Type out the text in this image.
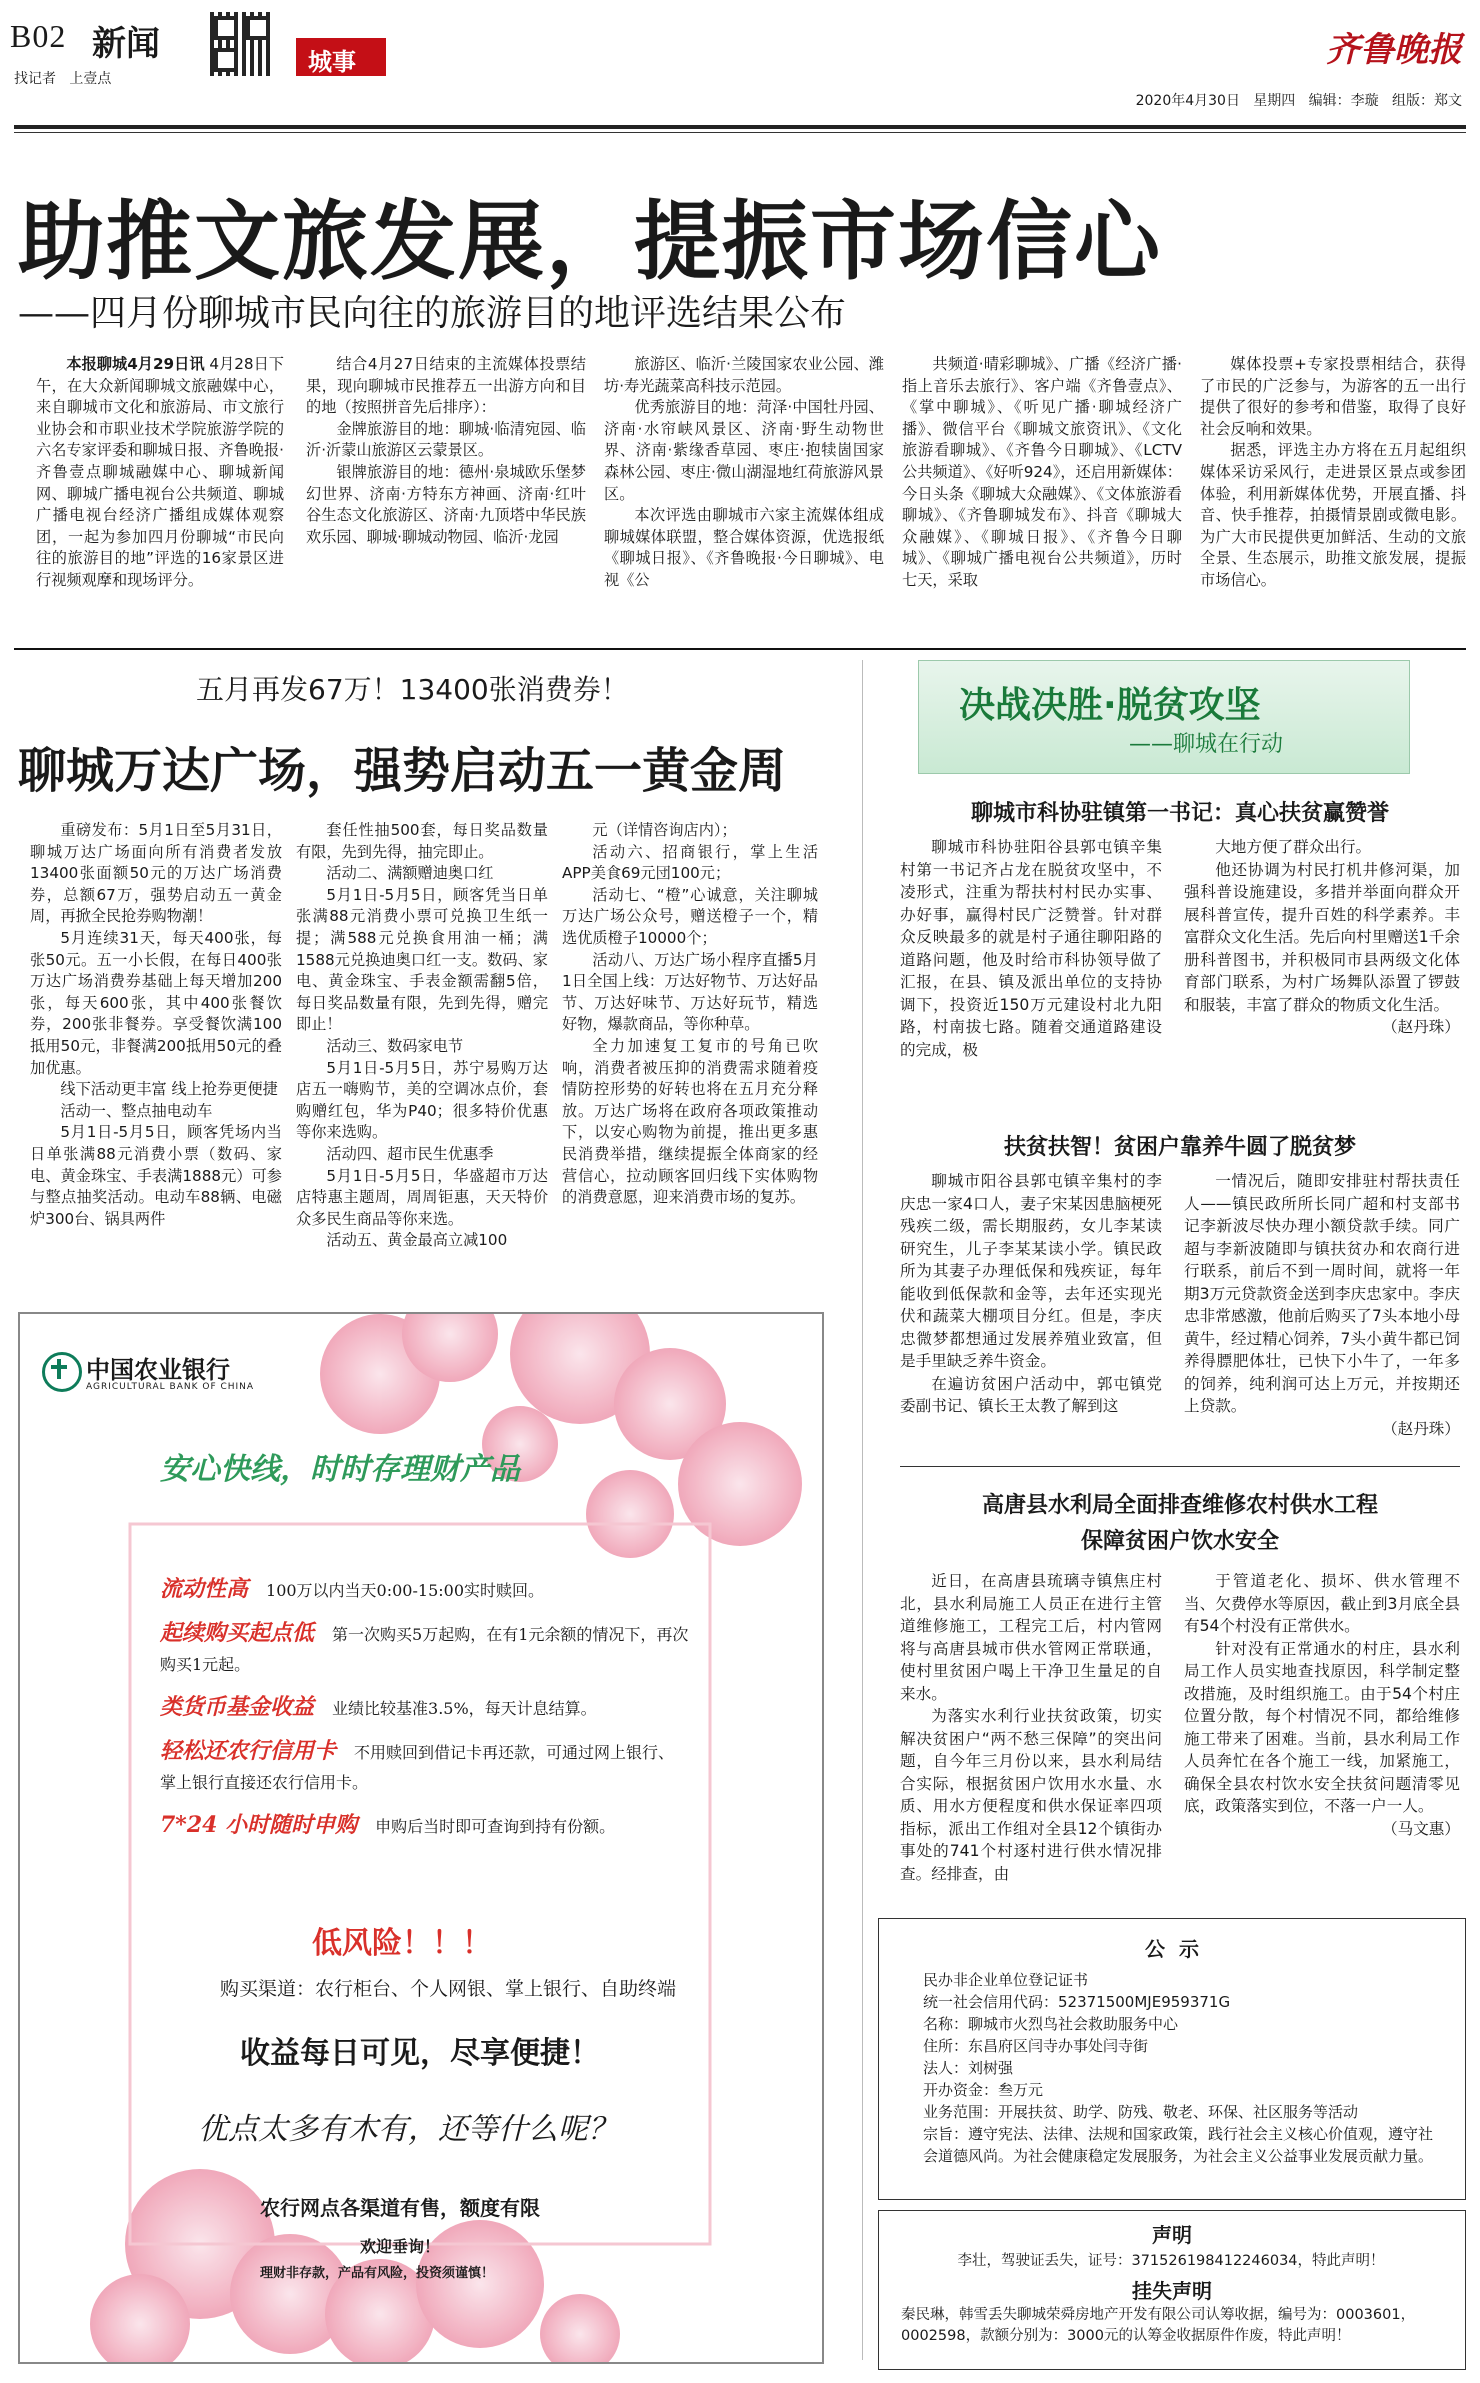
B02 新闻
找记者   上壹点
城事	齐鲁晚报
2020年4月30日   星期四   编辑：李璇   组版：郑文
助推文旅发展，提振市场信心
——四月份聊城市民向往的旅游目的地评选结果公布

本报聊城4月29日讯 4月28日下午，在大众新闻聊城文旅融媒中心，来自聊城市文化和旅游局、市文旅行业协会和市职业技术学院旅游学院的六名专家评委和聊城日报、齐鲁晚报·齐鲁壹点聊城融媒中心、聊城新闻网、聊城广播电视台公共频道、聊城广播电视台经济广播组成媒体观察团，一起为参加四月份聊城“市民向往的旅游目的地”评选的16家景区进行视频观摩和现场评分。

结合4月27日结束的主流媒体投票结果，现向聊城市民推荐五一出游方向和目的地（按照拼音先后排序）：

金牌旅游目的地：聊城·临清宛园、临沂·沂蒙山旅游区云蒙景区。

银牌旅游目的地：德州·泉城欧乐堡梦幻世界、济南·方特东方神画、济南·红叶谷生态文化旅游区、济南·九顶塔中华民族欢乐园、聊城·聊城动物园、临沂·龙园

旅游区、临沂·兰陵国家农业公园、潍坊·寿光蔬菜高科技示范园。

优秀旅游目的地：菏泽·中国牡丹园、济南·水帘峡风景区、济南·野生动物世界、济南·紫缘香草园、枣庄·抱犊崮国家森林公园、枣庄·微山湖湿地红荷旅游风景区。

本次评选由聊城市六家主流媒体组成聊城媒体联盟，整合媒体资源，优选报纸《聊城日报》、《齐鲁晚报·今日聊城》、电视《公

共频道·晴彩聊城》、广播《经济广播·指上音乐去旅行》、客户端《齐鲁壹点》、《掌中聊城》、《听见广播·聊城经济广播》、微信平台《聊城文旅资讯》、《文化旅游看聊城》、《齐鲁今日聊城》、《LCTV公共频道》、《好听924》，还启用新媒体：今日头条《聊城大众融媒》、《文体旅游看聊城》、《齐鲁聊城发布》、抖音《聊城大众融媒》、《聊城日报》、《齐鲁今日聊城》、《聊城广播电视台公共频道》，历时七天，采取

媒体投票+专家投票相结合，获得了市民的广泛参与，为游客的五一出行提供了很好的参考和借鉴，取得了良好社会反响和效果。

据悉，评选主办方将在五月起组织媒体采访采风行，走进景区景点或参团体验，利用新媒体优势，开展直播、抖音、快手推荐，拍摄情景剧或微电影。为广大市民提供更加鲜活、生动的文旅全景、生态展示，助推文旅发展，提振市场信心。

五月再发67万！13400张消费券！
聊城万达广场，强势启动五一黄金周

重磅发布：5月1日至5月31日，聊城万达广场面向所有消费者发放13400张面额50元的万达广场消费券，总额67万，强势启动五一黄金周，再掀全民抢券购物潮！

5月连续31天，每天400张，每张50元。五一小长假，在每日400张万达广场消费券基础上每天增加200张，每天600张，其中400张餐饮券，200张非餐券。享受餐饮满100抵用50元，非餐满200抵用50元的叠加优惠。

线下活动更丰富 线上抢券更便捷

活动一、整点抽电动车

5月1日-5月5日，顾客凭场内当日单张满88元消费小票（数码、家电、黄金珠宝、手表满1888元）可参与整点抽奖活动。电动车88辆、电磁炉300台、锅具两件

套任性抽500套，每日奖品数量有限，先到先得，抽完即止。

活动二、满额赠迪奥口红

5月1日-5月5日，顾客凭当日单张满88元消费小票可兑换卫生纸一提；满588元兑换食用油一桶；满1588元兑换迪奥口红一支。数码、家电、黄金珠宝、手表金额需翻5倍，每日奖品数量有限，先到先得，赠完即止！

活动三、数码家电节

5月1日-5月5日，苏宁易购万达店五一嗨购节，美的空调冰点价，套购赠红包，华为P40；很多特价优惠等你来选购。

活动四、超市民生优惠季

5月1日-5月5日，华盛超市万达店特惠主题周，周周钜惠，天天特价众多民生商品等你来选。

活动五、黄金最高立减100

元（详情咨询店内）；

活动六、招商银行，掌上生活APP美食69元団100元；

活动七、“橙”心诚意，关注聊城万达广场公众号，赠送橙子一个，精选优质橙子10000个；

活动八、万达广场小程序直播5月1日全国上线：万达好物节、万达好品节、万达好味节、万达好玩节，精选好物，爆款商品，等你种草。

全力加速复工复市的号角已吹响，消费者被压抑的消费需求随着疫情防控形势的好转也将在五月充分释放。万达广场将在政府各项政策推动下，以安心购物为前提，推出更多惠民消费举措，继续提振全体商家的经营信心，拉动顾客回归线下实体购物的消费意愿，迎来消费市场的复苏。

中国农业银行
AGRICULTURAL BANK OF CHINA
安心快线，时时存理财产品
流动性高 100万以内当天0:00-15:00实时赎回。
起续购买起点低 第一次购买5万起购，在有1元余额的情况下，再次购买1元起。
类货币基金收益 业绩比较基准3.5%，每天计息结算。
轻松还农行信用卡 不用赎回到借记卡再还款，可通过网上银行、掌上银行直接还农行信用卡。
7*24 小时随时申购 申购后当时即可查询到持有份额。
低风险！！！
购买渠道：农行柜台、个人网银、掌上银行、自助终端
收益每日可见，尽享便捷！
优点太多有木有，还等什么呢？
农行网点各渠道有售，额度有限
欢迎垂询！
理财非存款，产品有风险，投资须谨慎！
决战决胜·脱贫攻坚
——聊城在行动
聊城市科协驻镇第一书记：真心扶贫赢赞誉

聊城市科协驻阳谷县郭屯镇辛集村第一书记齐占龙在脱贫攻坚中，不凌形式，注重为帮扶村村民办实事、办好事，赢得村民广泛赞誉。针对群众反映最多的就是村子通往聊阳路的道路问题，他及时给市科协领导做了汇报，在县、镇及派出单位的支持协调下，投资近150万元建设村北九阳路，村南拔七路。随着交通道路建设的完成，极

大地方便了群众出行。

他还协调为村民打机井修河渠，加强科普设施建设，多措并举面向群众开展科普宣传，提升百姓的科学素养。丰富群众文化生活。先后向村里赠送1千余册科普图书，并积极同市县两级文化体育部门联系，为村广场舞队添置了锣鼓和服装，丰富了群众的物质文化生活。

（赵丹珠）

扶贫扶智！贫困户靠养牛圆了脱贫梦

聊城市阳谷县郭屯镇辛集村的李庆忠一家4口人，妻子宋某因患脑梗死残疾二级，需长期服药，女儿李某读研究生，儿子李某某读小学。镇民政所为其妻子办理低保和残疾证，每年能收到低保款和金等，去年还实现光伏和蔬菜大棚项目分红。但是，李庆忠微梦都想通过发展养殖业致富，但是手里缺乏养牛资金。

在遍访贫困户活动中，郭屯镇党委副书记、镇长王太教了解到这

一情况后，随即安排驻村帮扶责任人——镇民政所所长同广超和村支部书记李新波尽快办理小额贷款手续。同广超与李新波随即与镇扶贫办和农商行进行联系，前后不到一周时间，就将一年期3万元贷款资金送到李庆忠家中。李庆忠非常感激，他前后购买了7头本地小母黄牛，经过精心饲养，7头小黄牛都已饲养得膘肥体壮，已快下小牛了，一年多的饲养，纯利润可达上万元，并按期还上贷款。

（赵丹珠）

高唐县水利局全面排查维修农村供水工程
保障贫困户饮水安全

近日，在高唐县琉璃寺镇焦庄村北，县水利局施工人员正在进行主管道维修施工，工程完工后，村内管网将与高唐县城市供水管网正常联通，使村里贫困户喝上干净卫生量足的自来水。

为落实水利行业扶贫政策，切实解决贫困户“两不愁三保障”的突出问题，自今年三月份以来，县水利局结合实际，根据贫困户饮用水水量、水质、用水方便程度和供水保证率四项指标，派出工作组对全县12个镇街办事处的741个村逐村进行供水情况排查。经排查，由

于管道老化、损坏、供水管理不当、欠费停水等原因，截止到3月底全县有54个村没有正常供水。

针对没有正常通水的村庄，县水利局工作人员实地查找原因，科学制定整改措施，及时组织施工。由于54个村庄位置分散，每个村情况不同，都给维修施工带来了困难。当前，县水利局工作人员奔忙在各个施工一线，加紧施工，确保全县农村饮水安全扶贫问题清零见底，政策落实到位，不落一户一人。

（马文惠）

公  示
民办非企业单位登记证书
统一社会信用代码：52371500MJE959371G
名称：聊城市火烈鸟社会救助服务中心
住所：东昌府区闫寺办事处闫寺街
法人：刘树强
开办资金：叁万元
业务范围：开展扶贫、助学、防残、敬老、环保、社区服务等活动
宗旨：遵守宪法、法律、法规和国家政策，践行社会主义核心价值观，遵守社会道德风尚。为社会健康稳定发展服务，为社会主义公益事业发展贡献力量。
声明
李壮，驾驶证丢失，证号：371526198412246034，特此声明！
挂失声明
秦民琳，韩雪丢失聊城荣舜房地产开发有限公司认筹收据，编号为：0003601，0002598，款额分别为：3000元的认筹金收据原件作废，特此声明！
